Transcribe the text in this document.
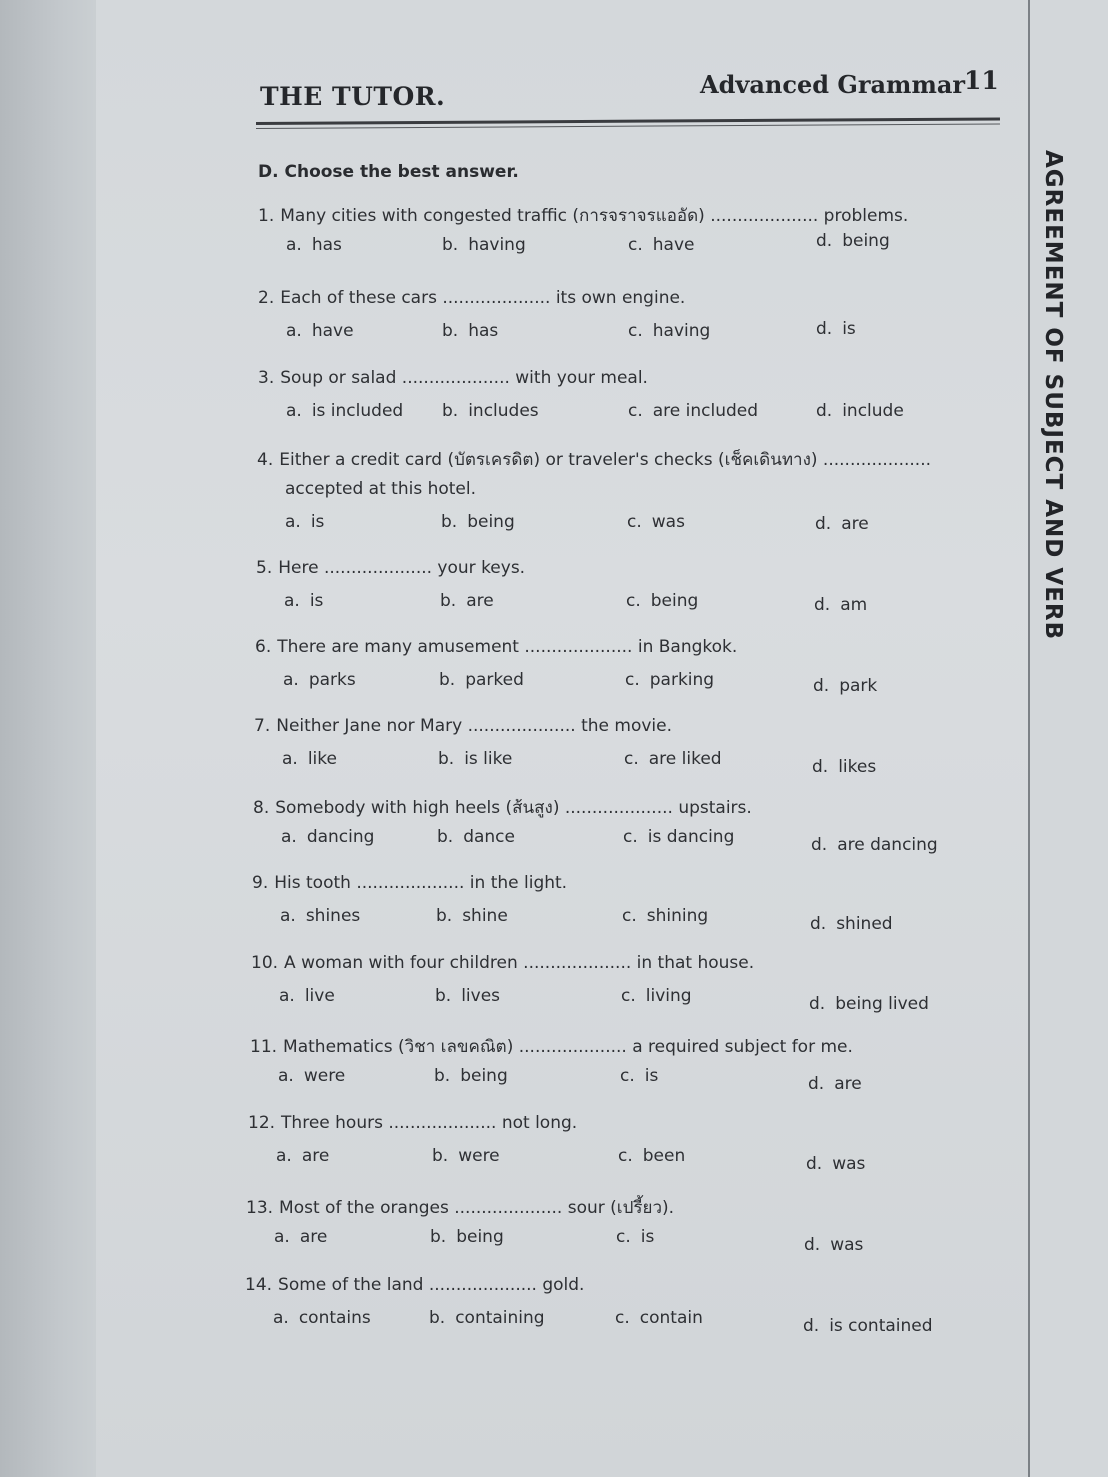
THE TUTOR.	Advanced Grammar
11
AGREEMENT OF SUBJECT AND VERB
D. Choose the best answer.
1. Many cities with congested traffic (การจราจรแออัด) .................... problems.
a. has	b. having	c. have	d. being
2. Each of these cars .................... its own engine.
a. have	b. has	c. having	d. is
3. Soup or salad .................... with your meal.
a. is included b. includes	c. are included	d. include
4. Either a credit card (บัตรเครดิต) or traveler's checks (เช็คเดินทาง) ....................
accepted at this hotel.
a. is	b. being	c. was	d. are
5. Here .................... your keys.
a. is	b. are	c. being	d. am
6. There are many amusement .................... in Bangkok.
a. parks	b. parked	c. parking	d. park
7. Neither Jane nor Mary .................... the movie.
a. like	b. is like	c. are liked	d. likes
8. Somebody with high heels (ส้นสูง) .................... upstairs.
a. dancing	b. dance	c. is dancing	d. are dancing
9. His tooth .................... in the light.
a. shines	b. shine	c. shining	d. shined
10. A woman with four children .................... in that house.
a. live	b. lives	c. living	d. being lived
11. Mathematics (วิชา เลขคณิต) .................... a required subject for me.
a. were	b. being	c. is	d. are
12. Three hours .................... not long.
a. are	b. were	c. been	d. was
13. Most of the oranges .................... sour (เปรี้ยว).
a. are	b. being	c. is	d. was
14. Some of the land .................... gold.
a. contains	b. containing	c. contain	d. is contained
